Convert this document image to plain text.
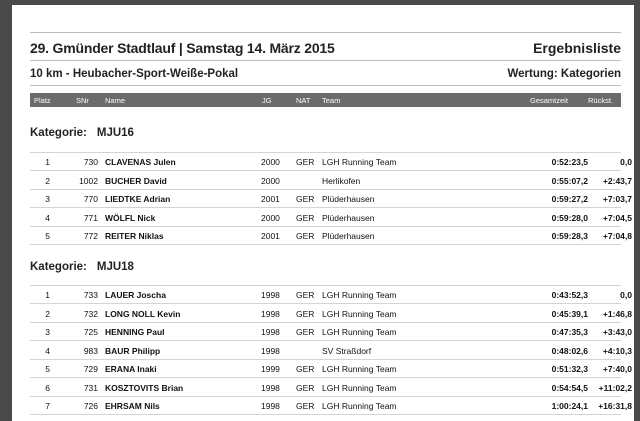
29. Gmünder Stadtlauf | Samstag 14. März 2015	Ergebnisliste
10 km - Heubacher-Sport-Weiße-Pokal	Wertung: Kategorien
Platz	SNr Name	JG	NAT Team	Gesamtzeit	Rückst.
Kategorie: MJU16
1	730 CLAVENAS Julen	2000 GER LGH Running Team	0:52:23,5	0,0
2	1002 BUCHER David	2000	Herlikofen	0:55:07,2	+2:43,7
3	770 LIEDTKE Adrian	2001 GER Plüderhausen	0:59:27,2	+7:03,7
4	771 WÖLFL Nick	2000 GER Plüderhausen	0:59:28,0	+7:04,5
5	772 REITER Niklas	2001 GER Plüderhausen	0:59:28,3	+7:04,8
Kategorie: MJU18
1	733 LAUER Joscha	1998 GER LGH Running Team	0:43:52,3	0,0
2	732 LONG NOLL Kevin	1998 GER LGH Running Team	0:45:39,1	+1:46,8
3	725 HENNING Paul	1998 GER LGH Running Team	0:47:35,3	+3:43,0
4	983 BAUR Philipp	1998	SV Straßdorf	0:48:02,6	+4:10,3
5	729 ERANA Inaki	1999 GER LGH Running Team	0:51:32,3	+7:40,0
6	731 KOSZTOVITS Brian	1998 GER LGH Running Team	0:54:54,5	+11:02,2
7	726 EHRSAM Nils	1998 GER LGH Running Team	1:00:24,1	+16:31,8
